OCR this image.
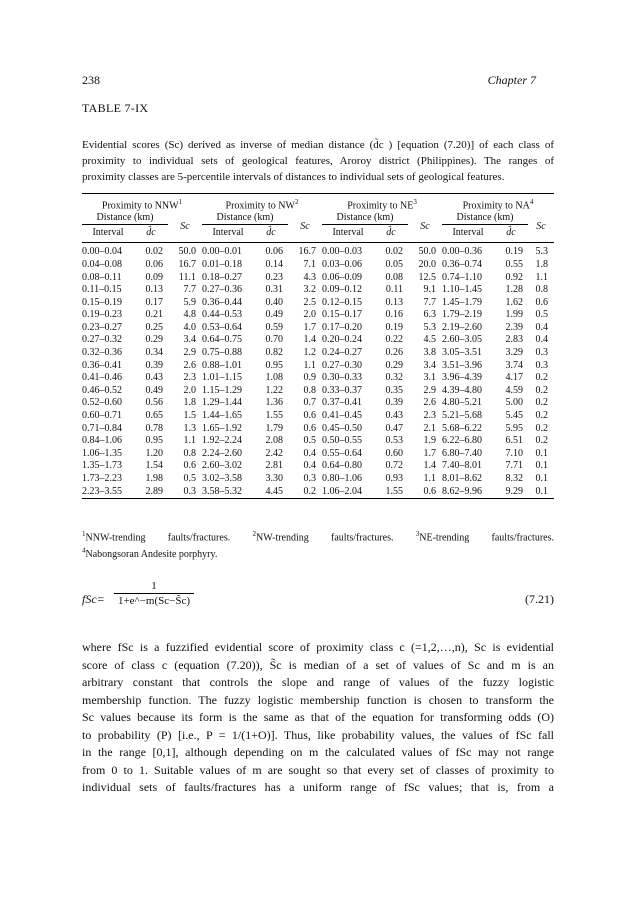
238	Chapter 7
TABLE 7-IX
Evidential scores (Sc) derived as inverse of median distance (d̃c ) [equation (7.20)] of each class of
proximity to individual sets of geological features, Aroroy district (Philippines). The ranges of
proximity classes are 5-percentile intervals of distances to individual sets of geological features.
Proximity to NNW$^1$			Proximity to $NW^2$			Proximity to $NE^3$			Proximity to $NA^4$
Distance (km)		Sc	Distance (km)		Sc	Distance (km)		Sc	Distance (km)		Sc
Interval	d̃c		Interval	d̃c		Interval	d̃c		Interval	d̃c	
0.00–0.04	0.02	50.0	0.00–0.01	0.06	16.7	0.00–0.03	0.02	50.0	0.00–0.36	0.19	5.3
0.04–0.08	0.06	16.7	0.01–0.18	0.14	7.1	0.03–0.06	0.05	20.0	0.36–0.74	0.55	1.8
0.08–0.11	0.09	11.1	0.18–0.27	0.23	4.3	0.06–0.09	0.08	12.5	0.74–1.10	0.92	1.1
0.11–0.15	0.13	7.7	0.27–0.36	0.31	3.2	0.09–0.12	0.11	9.1	1.10–1.45	1.28	0.8
0.15–0.19	0.17	5.9	0.36–0.44	0.40	2.5	0.12–0.15	0.13	7.7	1.45–1.79	1.62	0.6
0.19–0.23	0.21	4.8	0.44–0.53	0.49	2.0	0.15–0.17	0.16	6.3	1.79–2.19	1.99	0.5
0.23–0.27	0.25	4.0	0.53–0.64	0.59	1.7	0.17–0.20	0.19	5.3	2.19–2.60	2.39	0.4
0.27–0.32	0.29	3.4	0.64–0.75	0.70	1.4	0.20–0.24	0.22	4.5	2.60–3.05	2.83	0.4
0.32–0.36	0.34	2.9	0.75–0.88	0.82	1.2	0.24–0.27	0.26	3.8	3.05–3.51	3.29	0.3
0.36–0.41	0.39	2.6	0.88–1.01	0.95	1.1	0.27–0.30	0.29	3.4	3.51–3.96	3.74	0.3
0.41–0.46	0.43	2.3	1.01–1.15	1.08	0.9	0.30–0.33	0.32	3.1	3.96–4.39	4.17	0.2
0.46–0.52	0.49	2.0	1.15–1.29	1.22	0.8	0.33–0.37	0.35	2.9	4.39–4.80	4.59	0.2
0.52–0.60	0.56	1.8	1.29–1.44	1.36	0.7	0.37–0.41	0.39	2.6	4.80–5.21	5.00	0.2
0.60–0.71	0.65	1.5	1.44–1.65	1.55	0.6	0.41–0.45	0.43	2.3	5.21–5.68	5.45	0.2
0.71–0.84	0.78	1.3	1.65–1.92	1.79	0.6	0.45–0.50	0.47	2.1	5.68–6.22	5.95	0.2
0.84–1.06	0.95	1.1	1.92–2.24	2.08	0.5	0.50–0.55	0.53	1.9	6.22–6.80	6.51	0.2
1.06–1.35	1.20	0.8	2.24–2.60	2.42	0.4	0.55–0.64	0.60	1.7	6.80–7.40	7.10	0.1
1.35–1.73	1.54	0.6	2.60–3.02	2.81	0.4	0.64–0.80	0.72	1.4	7.40–8.01	7.71	0.1
1.73–2.23	1.98	0.5	3.02–3.58	3.30	0.3	0.80–1.06	0.93	1.1	8.01–8.62	8.32	0.1
2.23–3.55	2.89	0.3	3.58–5.32	4.45	0.2	1.06–2.04	1.55	0.6	8.62–9.96	9.29	0.1
$^1$NNW-trending faults/fractures.	$^2$NW-trending faults/fractures.	$^3$NE-trending faults/fractures.
$^4$Nabongsoran Andesite porphyry.
fSc=
1
1+e^−m(Sc−S̃c)	(7.21)
where fSc is a fuzzified evidential score of proximity class c (=1,2,…,n), Sc is evidential
score of class c (equation (7.20)), S̃c is median of a set of values of Sc and m is an
arbitrary constant that controls the slope and range of values of the fuzzy logistic
membership function. The fuzzy logistic membership function is chosen to transform the
Sc values because its form is the same as that of the equation for transforming odds (O)
to probability (P) [i.e., P = 1/(1+O)]. Thus, like probability values, the values of fSc fall
in the range [0,1], although depending on m the calculated values of fSc may not range
from 0 to 1. Suitable values of m are sought so that every set of classes of proximity to
individual sets of faults/fractures has a uniform range of fSc values; that is, from a
